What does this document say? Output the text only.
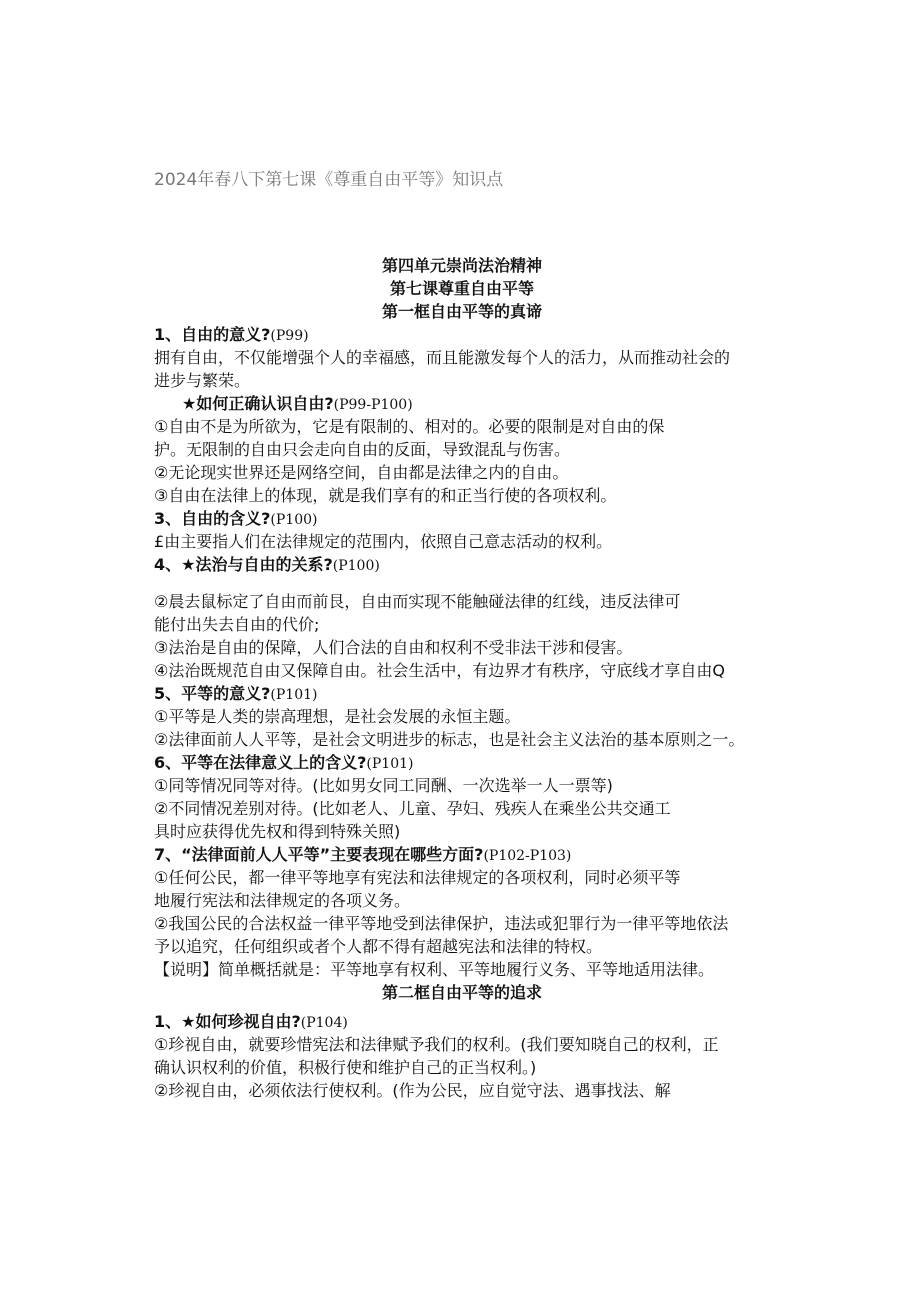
2024年春八下第七课《尊重自由平等》知识点
第四单元崇尚法治精神
第七课尊重自由平等
第一框自由平等的真谛
1、自由的意义?(P99)
拥有自由，不仅能增强个人的幸福感，而且能激发每个人的活力，从而推动社会的
进步与繁荣。
★如何正确认识自由?(P99-P100)
①自由不是为所欲为，它是有限制的、相对的。必要的限制是对自由的保
护。无限制的自由只会走向自由的反面，导致混乱与伤害。
②无论现实世界还是网络空间，自由都是法律之内的自由。
③自由在法律上的体现，就是我们享有的和正当行使的各项权利。
3、自由的含义?(P100)
£由主要指人们在法律规定的范围内，依照自己意志活动的权利。
4、★法治与自由的关系?(P100)
②晨去鼠标定了自由而前艮，自由而实现不能触碰法律的红线，违反法律可
能付出失去自由的代价;
③法治是自由的保障，人们合法的自由和权利不受非法干涉和侵害。
④法治既规范自由又保障自由。社会生活中，有边界才有秩序，守底线才享自由Q
5、平等的意义?(P101)
①平等是人类的崇高理想，是社会发展的永恒主题。
②法律面前人人平等，是社会文明进步的标志，也是社会主义法治的基本原则之一。
6、平等在法律意义上的含义?(P101)
①同等情况同等对待。(比如男女同工同酬、一次选举一人一票等)
②不同情况差别对待。(比如老人、儿童、孕妇、残疾人在乘坐公共交通工
具时应获得优先权和得到特殊关照)
7、“法律面前人人平等”主要表现在哪些方面?(P102-P103)
①任何公民，都一律平等地享有宪法和法律规定的各项权利，同时必须平等
地履行宪法和法律规定的各项义务。
②我国公民的合法权益一律平等地受到法律保护，违法或犯罪行为一律平等地依法
予以追究，任何组织或者个人都不得有超越宪法和法律的特权。
【说明】简单概括就是：平等地享有权利、平等地履行义务、平等地适用法律。
第二框自由平等的追求
1、★如何珍视自由?(P104)
①珍视自由，就要珍惜宪法和法律赋予我们的权利。(我们要知晓自己的权利，正
确认识权利的价值，积极行使和维护自己的正当权利。)
②珍视自由，必须依法行使权利。(作为公民，应自觉守法、遇事找法、解
